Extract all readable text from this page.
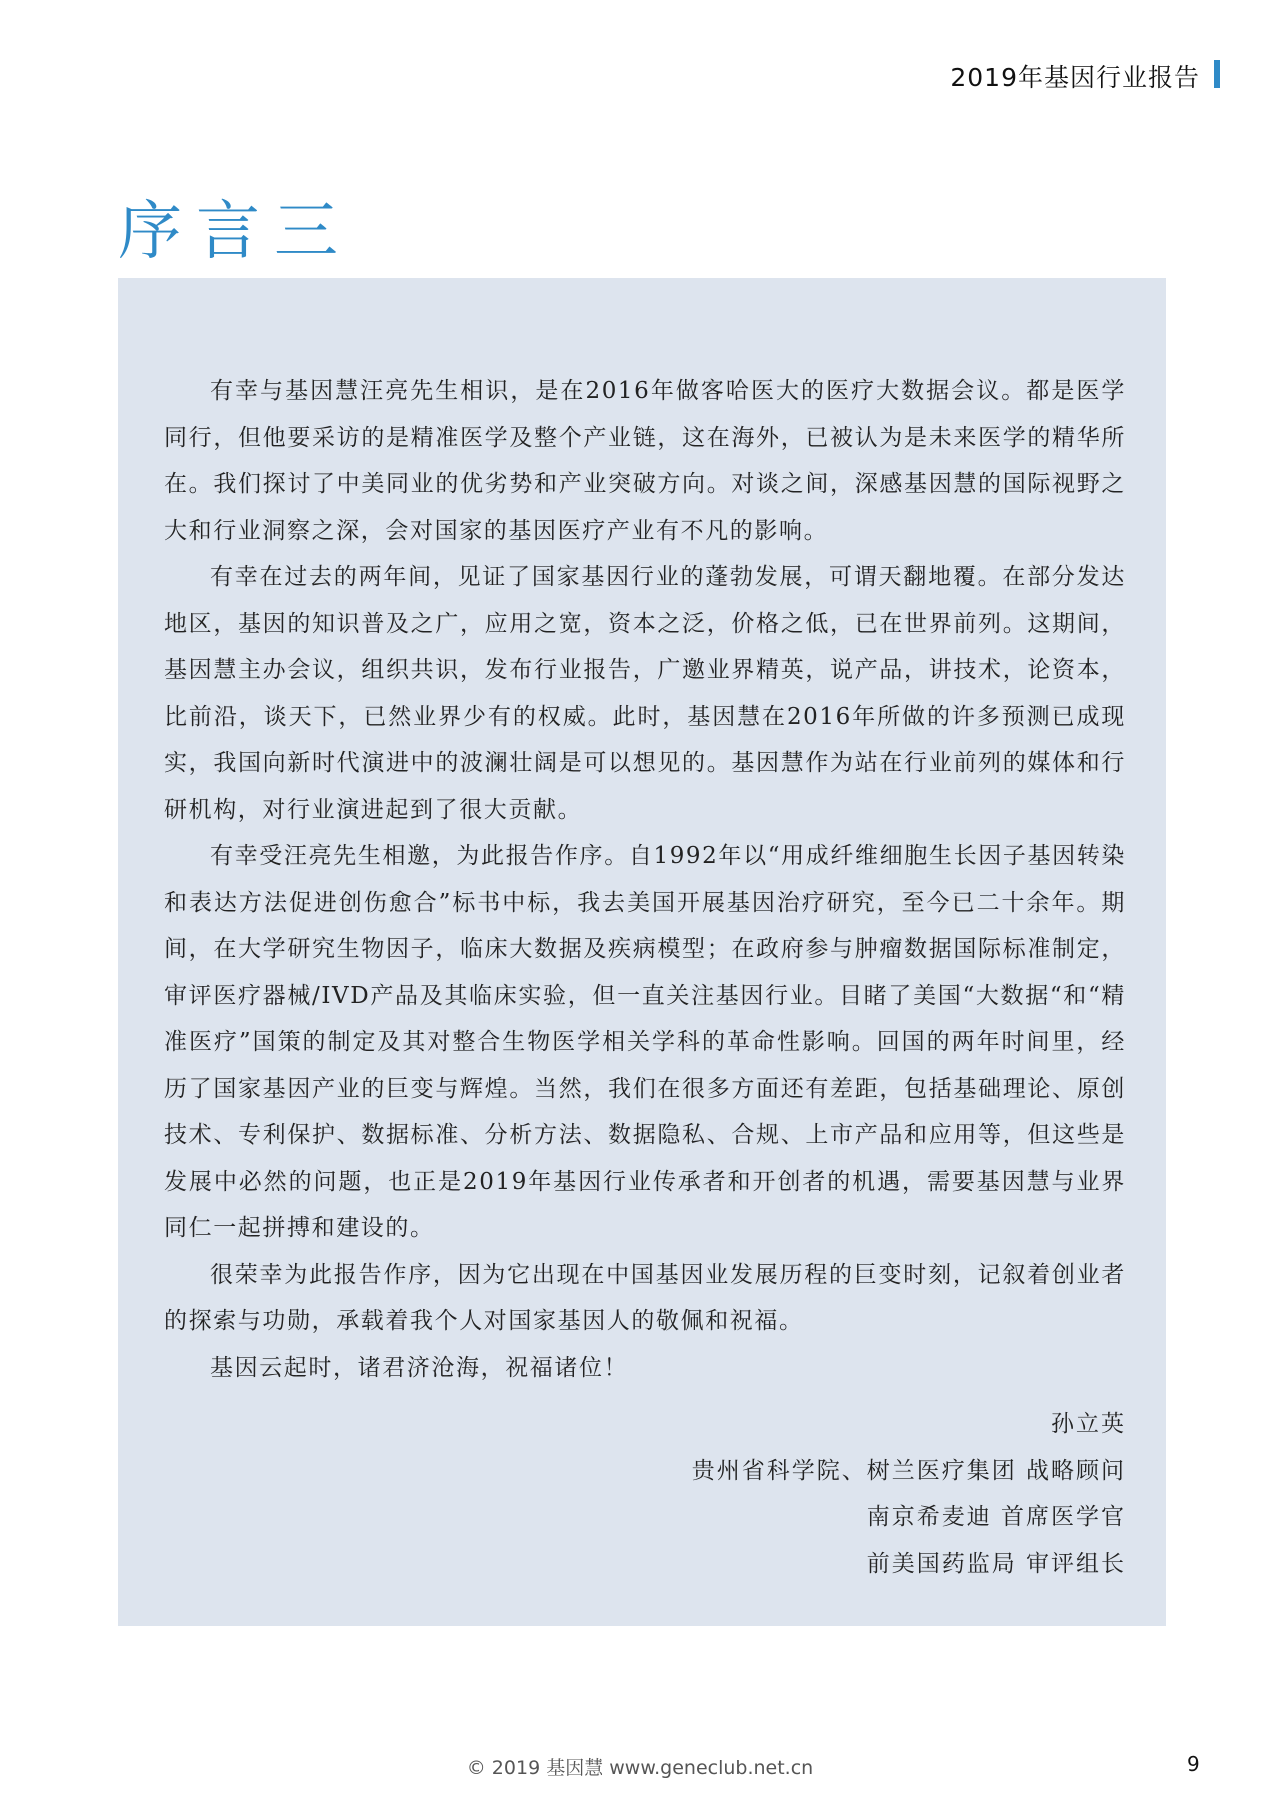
2019年基因行业报告
序言三

有幸与基因慧汪亮先生相识，是在2016年做客哈医大的医疗大数据会议。都是医学同行，但他要采访的是精准医学及整个产业链，这在海外，已被认为是未来医学的精华所在。我们探讨了中美同业的优劣势和产业突破方向。对谈之间，深感基因慧的国际视野之大和行业洞察之深，会对国家的基因医疗产业有不凡的影响。

有幸在过去的两年间，见证了国家基因行业的蓬勃发展，可谓天翻地覆。在部分发达地区，基因的知识普及之广，应用之宽，资本之泛，价格之低，已在世界前列。这期间，基因慧主办会议，组织共识，发布行业报告，广邀业界精英，说产品，讲技术，论资本，比前沿，谈天下，已然业界少有的权威。此时，基因慧在2016年所做的许多预测已成现实，我国向新时代演进中的波澜壮阔是可以想见的。基因慧作为站在行业前列的媒体和行研机构，对行业演进起到了很大贡献。

有幸受汪亮先生相邀，为此报告作序。自1992年以“用成纤维细胞生长因子基因转染和表达方法促进创伤愈合”标书中标，我去美国开展基因治疗研究，至今已二十余年。期间，在大学研究生物因子，临床大数据及疾病模型；在政府参与肿瘤数据国际标准制定，审评医疗器械/IVD产品及其临床实验，但一直关注基因行业。目睹了美国“大数据“和“精准医疗”国策的制定及其对整合生物医学相关学科的革命性影响。回国的两年时间里，经历了国家基因产业的巨变与辉煌。当然，我们在很多方面还有差距，包括基础理论、原创技术、专利保护、数据标准、分析方法、数据隐私、合规、上市产品和应用等，但这些是发展中必然的问题，也正是2019年基因行业传承者和开创者的机遇，需要基因慧与业界同仁一起拼搏和建设的。

很荣幸为此报告作序，因为它出现在中国基因业发展历程的巨变时刻，记叙着创业者的探索与功勋，承载着我个人对国家基因人的敬佩和祝福。

基因云起时，诸君济沧海，祝福诸位！

孙立英
贵州省科学院、树兰医疗集团 战略顾问
南京希麦迪 首席医学官
前美国药监局 审评组长
© 2019 基因慧 www.geneclub.net.cn	9
